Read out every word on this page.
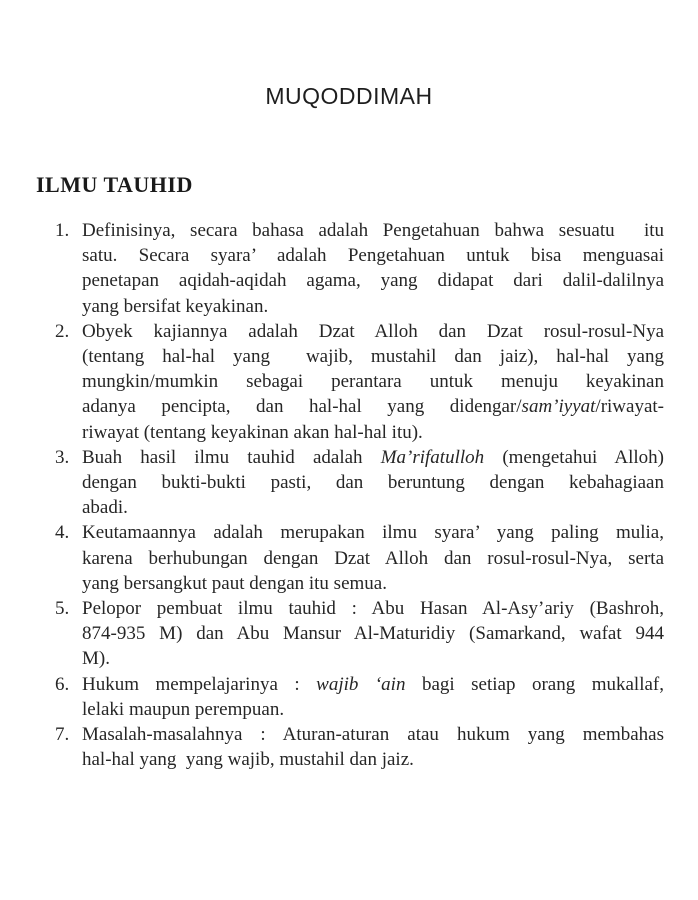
MUQODDIMAH
ILMU TAUHID
1. Definisinya, secara bahasa adalah Pengetahuan bahwa sesuatu  itu
satu. Secara syara’ adalah Pengetahuan untuk bisa menguasai
penetapan aqidah-aqidah agama, yang didapat dari dalil-dalilnya
yang bersifat keyakinan.
2. Obyek kajiannya adalah Dzat Alloh dan Dzat rosul-rosul-Nya
(tentang hal-hal yang  wajib, mustahil dan jaiz), hal-hal yang
mungkin/mumkin sebagai perantara untuk menuju keyakinan
adanya pencipta, dan hal-hal yang didengar/sam’iyyat/riwayat-
riwayat (tentang keyakinan akan hal-hal itu).
3. Buah hasil ilmu tauhid adalah Ma’rifatulloh (mengetahui Alloh)
dengan bukti-bukti pasti, dan beruntung dengan kebahagiaan
abadi.
4. Keutamaannya adalah merupakan ilmu syara’ yang paling mulia,
karena berhubungan dengan Dzat Alloh dan rosul-rosul-Nya, serta
yang bersangkut paut dengan itu semua.
5. Pelopor pembuat ilmu tauhid : Abu Hasan Al-Asy’ariy (Bashroh,
874-935 M) dan Abu Mansur Al-Maturidiy (Samarkand, wafat 944
M).
6. Hukum mempelajarinya : wajib ‘ain bagi setiap orang mukallaf,
lelaki maupun perempuan.
7. Masalah-masalahnya : Aturan-aturan atau hukum yang membahas
hal-hal yang  yang wajib, mustahil dan jaiz.
